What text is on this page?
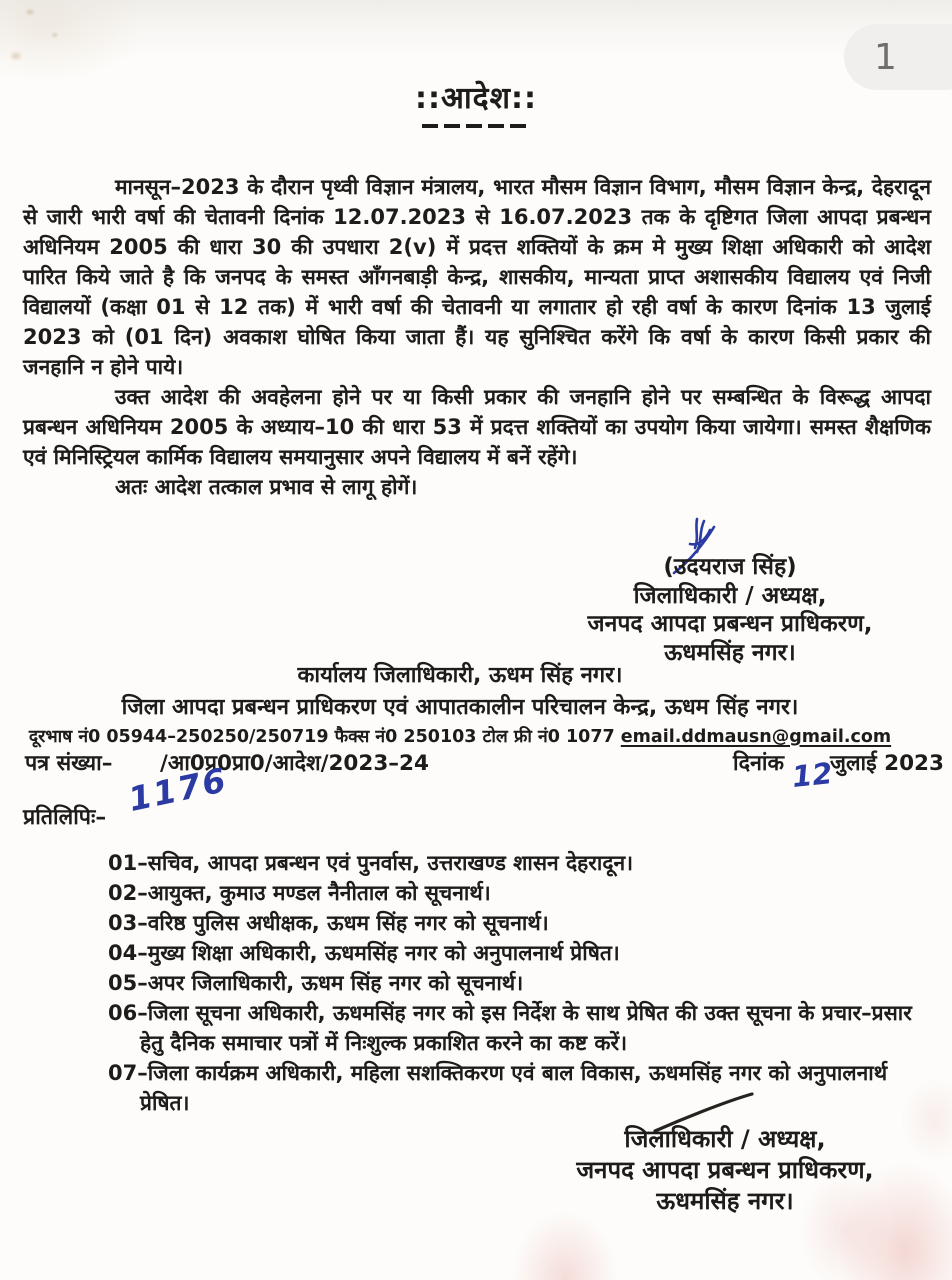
1
::आदेश::

मानसून–2023 के दौरान पृथ्वी विज्ञान मंत्रालय, भारत मौसम विज्ञान विभाग, मौसम विज्ञान केन्द्र, देहरादून से जारी भारी वर्षा की चेतावनी दिनांक 12.07.2023 से 16.07.2023 तक के दृष्टिगत जिला आपदा प्रबन्धन अधिनियम 2005 की धारा 30 की उपधारा 2(v) में प्रदत्त शक्तियों के क्रम मे मुख्य शिक्षा अधिकारी को आदेश पारित किये जाते है कि जनपद के समस्त ऑंगनबाड़ी केन्द्र, शासकीय, मान्यता प्राप्त अशासकीय विद्यालय एवं निजी विद्यालयों (कक्षा 01 से 12 तक) में भारी वर्षा की चेतावनी या लगातार हो रही वर्षा के कारण दिनांक 13 जुलाई 2023 को (01 दिन) अवकाश घोषित किया जाता हैं। यह सुनिश्चित करेंगे कि वर्षा के कारण किसी प्रकार की जनहानि न होने पाये।

उक्त आदेश की अवहेलना होने पर या किसी प्रकार की जनहानि होने पर सम्बन्धित के विरूद्ध आपदा प्रबन्धन अधिनियम 2005 के अध्याय–10 की धारा 53 में प्रदत्त शक्तियों का उपयोग किया जायेगा। समस्त शैक्षणिक एवं मिनिस्ट्रियल कार्मिक विद्यालय समयानुसार अपने विद्यालय में बनें रहेंगे।

अतः आदेश तत्काल प्रभाव से लागू होगें।

(उदयराज सिंह)
जिलाधिकारी / अध्यक्ष,
जनपद आपदा प्रबन्धन प्राधिकरण,
ऊधमसिंह नगर।
कार्यालय जिलाधिकारी, ऊधम सिंह नगर।
जिला आपदा प्रबन्धन प्राधिकरण एवं आपातकालीन परिचालन केन्द्र, ऊधम सिंह नगर।
दूरभाष नं0 05944–250250/250719 फैक्स नं0 250103 टोल फ्री नं0 1077 email.ddmausn@gmail.com
पत्र संख्या– /आ0प्र0प्रा0/आदेश/2023–24	दिनांक जुलाई 2023
1176	12
प्रतिलिपिः–
01–सचिव, आपदा प्रबन्धन एवं पुनर्वास, उत्तराखण्ड शासन देहरादून।
02–आयुक्त, कुमाउ मण्डल नैनीताल को सूचनार्थ।
03–वरिष्ठ पुलिस अधीक्षक, ऊधम सिंह नगर को सूचनार्थ।
04–मुख्य शिक्षा अधिकारी, ऊधमसिंह नगर को अनुपालनार्थ प्रेषित।
05–अपर जिलाधिकारी, ऊधम सिंह नगर को सूचनार्थ।
06–जिला सूचना अधिकारी, ऊधमसिंह नगर को इस निर्देश के साथ प्रेषित की उक्त सूचना के प्रचार–प्रसार हेतु दैनिक समाचार पत्रों में निःशुल्क प्रकाशित करने का कष्ट करें।
07–जिला कार्यक्रम अधिकारी, महिला सशक्तिकरण एवं बाल विकास, ऊधमसिंह नगर को अनुपालनार्थ प्रेषित।
जिलाधिकारी / अध्यक्ष,
जनपद आपदा प्रबन्धन प्राधिकरण,
ऊधमसिंह नगर।
